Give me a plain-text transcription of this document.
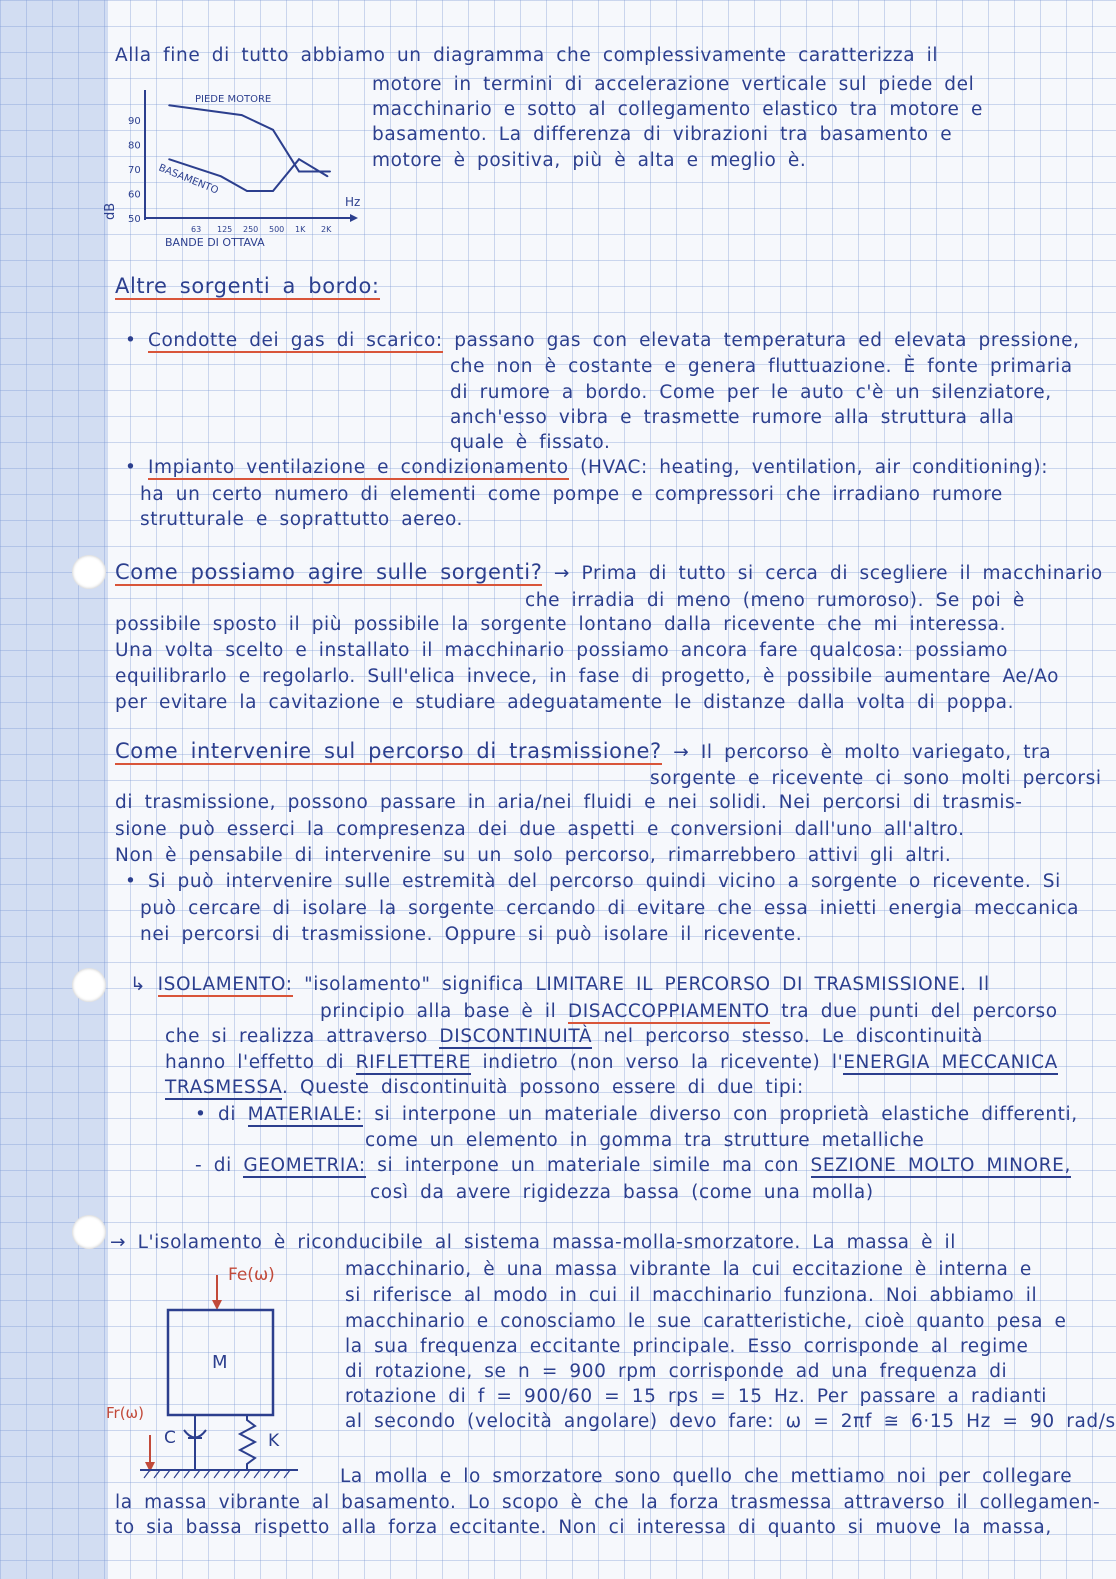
Alla fine di tutto abbiamo un diagramma che complessivamente caratterizza il
motore in termini di accelerazione verticale sul piede del
macchinario e sotto al collegamento elastico tra motore e
basamento. La differenza di vibrazioni tra basamento e
motore è positiva, più è alta e meglio è.
Altre sorgenti a bordo:
• Condotte dei gas di scarico: passano gas con elevata temperatura ed elevata pressione,
che non è costante e genera fluttuazione. È fonte primaria
di rumore a bordo. Come per le auto c'è un silenziatore,
anch'esso vibra e trasmette rumore alla struttura alla
quale è fissato.
• Impianto ventilazione e condizionamento (HVAC: heating, ventilation, air conditioning):
ha un certo numero di elementi come pompe e compressori che irradiano rumore
strutturale e soprattutto aereo.
Come possiamo agire sulle sorgenti? → Prima di tutto si cerca di scegliere il macchinario
che irradia di meno (meno rumoroso). Se poi è
possibile sposto il più possibile la sorgente lontano dalla ricevente che mi interessa.
Una volta scelto e installato il macchinario possiamo ancora fare qualcosa: possiamo
equilibrarlo e regolarlo. Sull'elica invece, in fase di progetto, è possibile aumentare Ae/Ao
per evitare la cavitazione e studiare adeguatamente le distanze dalla volta di poppa.
Come intervenire sul percorso di trasmissione? → Il percorso è molto variegato, tra
sorgente e ricevente ci sono molti percorsi
di trasmissione, possono passare in aria/nei fluidi e nei solidi. Nei percorsi di trasmis-
sione può esserci la compresenza dei due aspetti e conversioni dall'uno all'altro.
Non è pensabile di intervenire su un solo percorso, rimarrebbero attivi gli altri.
• Si può intervenire sulle estremità del percorso quindi vicino a sorgente o ricevente. Si
può cercare di isolare la sorgente cercando di evitare che essa inietti energia meccanica
nei percorsi di trasmissione. Oppure si può isolare il ricevente.
↳ ISOLAMENTO: "isolamento" significa LIMITARE IL PERCORSO DI TRASMISSIONE. Il
principio alla base è il DISACCOPPIAMENTO tra due punti del percorso
che si realizza attraverso DISCONTINUITÀ nel percorso stesso. Le discontinuità
hanno l'effetto di RIFLETTERE indietro (non verso la ricevente) l'ENERGIA MECCANICA
TRASMESSA. Queste discontinuità possono essere di due tipi:
• di MATERIALE: si interpone un materiale diverso con proprietà elastiche differenti,
come un elemento in gomma tra strutture metalliche
- di GEOMETRIA: si interpone un materiale simile ma con SEZIONE MOLTO MINORE,
così da avere rigidezza bassa (come una molla)
→ L'isolamento è riconducibile al sistema massa-molla-smorzatore. La massa è il
macchinario, è una massa vibrante la cui eccitazione è interna e
si riferisce al modo in cui il macchinario funziona. Noi abbiamo il
macchinario e conosciamo le sue caratteristiche, cioè quanto pesa e
la sua frequenza eccitante principale. Esso corrisponde al regime
di rotazione, se n = 900 rpm corrisponde ad una frequenza di
rotazione di f = 900/60 = 15 rps = 15 Hz. Per passare a radianti
al secondo (velocità angolare) devo fare: ω = 2πf ≅ 6·15 Hz = 90 rad/s
La molla e lo smorzatore sono quello che mettiamo noi per collegare
la massa vibrante al basamento. Lo scopo è che la forza trasmessa attraverso il collegamen-
to sia bassa rispetto alla forza eccitante. Non ci interessa di quanto si muove la massa,
50
60
70
80
90
63 125 250 500 1K 2K
BANDE DI OTTAVA
Hz
dB
PIEDE MOTORE
BASAMENTO
Fe(ω)
M
C	K
Fr(ω)
